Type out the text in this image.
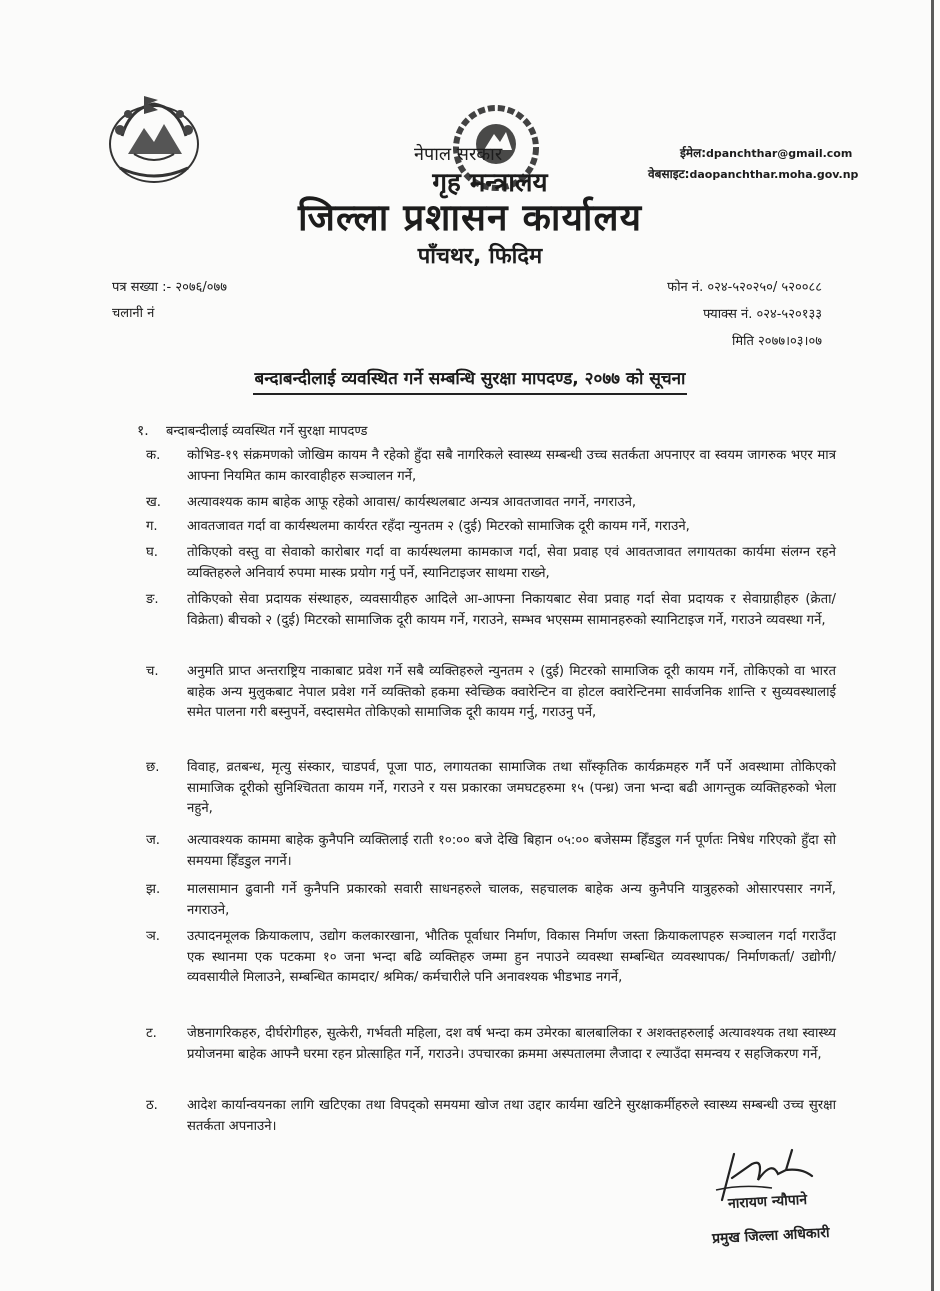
नेपाल सरकार
गृह मन्त्रालय
जिल्ला प्रशासन कार्यालय
पाँचथर, फिदिम
ईमेल:dpanchthar@gmail.com
वेबसाइट:daopanchthar.moha.gov.np
पत्र सख्या :- २०७६/०७७
चलानी नं
फोन नं. ०२४-५२०२५०/ ५२००८८
फ्याक्स नं. ०२४-५२०१३३
मिति २०७७।०३।०७
बन्दाबन्दीलाई व्यवस्थित गर्ने सम्बन्धि सुरक्षा मापदण्ड, २०७७ को सूचना
१. बन्दाबन्दीलाई व्यवस्थित गर्ने सुरक्षा मापदण्ड
क.	कोभिड-१९ संक्रमणको जोखिम कायम नै रहेको हुँदा सबै नागरिकले स्वास्थ्य सम्बन्धी उच्च सतर्कता अपनाएर वा स्वयम जागरुक भएर मात्र आफ्ना नियमित काम कारवाहीहरु सञ्चालन गर्ने,
ख.	अत्यावश्यक काम बाहेक आफू रहेको आवास/ कार्यस्थलबाट अन्यत्र आवतजावत नगर्ने, नगराउने,
ग.	आवतजावत गर्दा वा कार्यस्थलमा कार्यरत रहँदा न्युनतम २ (दुई) मिटरको सामाजिक दूरी कायम गर्ने, गराउने,
घ.	तोकिएको वस्तु वा सेवाको कारोबार गर्दा वा कार्यस्थलमा कामकाज गर्दा, सेवा प्रवाह एवं आवतजावत लगायतका कार्यमा संलग्न रहने व्यक्तिहरुले अनिवार्य रुपमा मास्क प्रयोग गर्नु पर्ने, स्यानिटाइजर साथमा राख्ने,
ङ.	तोकिएको सेवा प्रदायक संस्थाहरु, व्यवसायीहरु आदिले आ-आफ्ना निकायबाट सेवा प्रवाह गर्दा सेवा प्रदायक र सेवाग्राहीहरु (क्रेता/ विक्रेता) बीचको २ (दुई) मिटरको सामाजिक दूरी कायम गर्ने, गराउने, सम्भव भएसम्म सामानहरुको स्यानिटाइज गर्ने, गराउने व्यवस्था गर्ने,
च.	अनुमति प्राप्त अन्तराष्ट्रिय नाकाबाट प्रवेश गर्ने सबै व्यक्तिहरुले न्युनतम २ (दुई) मिटरको सामाजिक दूरी कायम गर्ने, तोकिएको वा भारत बाहेक अन्य मुलुकबाट नेपाल प्रवेश गर्ने व्यक्तिको हकमा स्वेच्छिक क्वारेन्टिन वा होटल क्वारेन्टिनमा सार्वजनिक शान्ति र सुव्यवस्थालाई समेत पालना गरी बस्नुपर्ने, वस्दासमेत तोकिएको सामाजिक दूरी कायम गर्नु, गराउनु पर्ने,
छ.	विवाह, व्रतबन्ध, मृत्यु संस्कार, चाडपर्व, पूजा पाठ, लगायतका सामाजिक तथा साँस्कृतिक कार्यक्रमहरु गर्नै पर्ने अवस्थामा तोकिएको सामाजिक दूरीको सुनिश्चितता कायम गर्ने, गराउने र यस प्रकारका जमघटहरुमा १५ (पन्ध्र) जना भन्दा बढी आगन्तुक व्यक्तिहरुको भेला नहुने,
ज.	अत्यावश्यक काममा बाहेक कुनैपनि व्यक्तिलाई राती १०:०० बजे देखि बिहान ०५:०० बजेसम्म हिँडडुल गर्न पूर्णतः निषेध गरिएको हुँदा सो समयमा हिँडडुल नगर्ने।
झ.	मालसामान ढुवानी गर्ने कुनैपनि प्रकारको सवारी साधनहरुले चालक, सहचालक बाहेक अन्य कुनैपनि यात्रुहरुको ओसारपसार नगर्ने, नगराउने,
ञ.	उत्पादनमूलक क्रियाकलाप, उद्योग कलकारखाना, भौतिक पूर्वाधार निर्माण, विकास निर्माण जस्ता क्रियाकलापहरु सञ्चालन गर्दा गराउँदा एक स्थानमा एक पटकमा १० जना भन्दा बढि व्यक्तिहरु जम्मा हुन नपाउने व्यवस्था सम्बन्धित व्यवस्थापक/ निर्माणकर्ता/ उद्योगी/ व्यवसायीले मिलाउने, सम्बन्धित कामदार/ श्रमिक/ कर्मचारीले पनि अनावश्यक भीडभाड नगर्ने,
ट.	जेष्ठनागरिकहरु, दीर्घरोगीहरु, सुत्केरी, गर्भवती महिला, दश वर्ष भन्दा कम उमेरका बालबालिका र अशक्तहरुलाई अत्यावश्यक तथा स्वास्थ्य प्रयोजनमा बाहेक आफ्नै घरमा रहन प्रोत्साहित गर्ने, गराउने। उपचारका क्रममा अस्पतालमा लैजादा र ल्याउँदा समन्वय र सहजिकरण गर्ने,
ठ.	आदेश कार्यान्वयनका लागि खटिएका तथा विपद्को समयमा खोज तथा उद्दार कार्यमा खटिने सुरक्षाकर्मीहरुले स्वास्थ्य सम्बन्धी उच्च सुरक्षा सतर्कता अपनाउने।
नारायण न्यौपाने
प्रमुख जिल्ला अधिकारी
